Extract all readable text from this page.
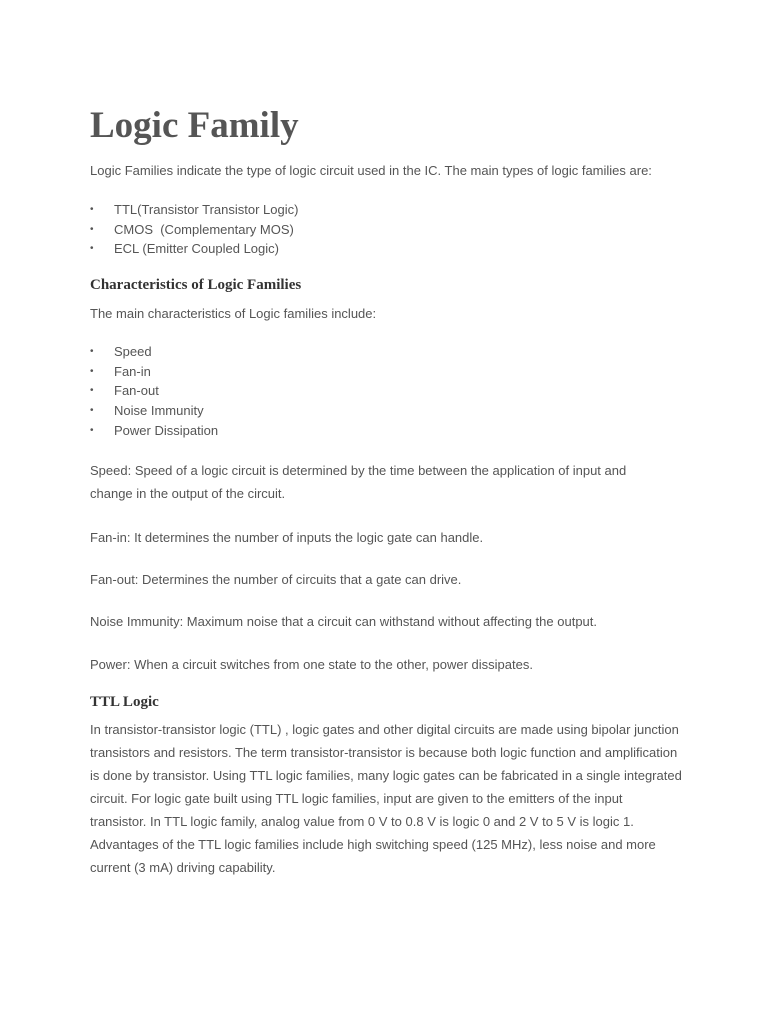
Logic Family

Logic Families indicate the type of logic circuit used in the IC. The main types of logic families are:

• TTL(Transistor Transistor Logic)
• CMOS  (Complementary MOS)
• ECL (Emitter Coupled Logic)
Characteristics of Logic Families

The main characteristics of Logic families include:

• Speed
• Fan-in
• Fan-out
• Noise Immunity
• Power Dissipation

Speed: Speed of a logic circuit is determined by the time between the application of input and change in the output of the circuit.

Fan-in: It determines the number of inputs the logic gate can handle.

Fan-out: Determines the number of circuits that a gate can drive.

Noise Immunity: Maximum noise that a circuit can withstand without affecting the output.

Power: When a circuit switches from one state to the other, power dissipates.

TTL Logic

In transistor-transistor logic (TTL) , logic gates and other digital circuits are made using bipolar junction transistors and resistors. The term transistor-transistor is because both logic function and amplification is done by transistor. Using TTL logic families, many logic gates can be fabricated in a single integrated circuit. For logic gate built using TTL logic families, input are given to the emitters of the input transistor. In TTL logic family, analog value from 0 V to 0.8 V is logic 0 and 2 V to 5 V is logic 1. Advantages of the TTL logic families include high switching speed (125 MHz), less noise and more current (3 mA) driving capability.
